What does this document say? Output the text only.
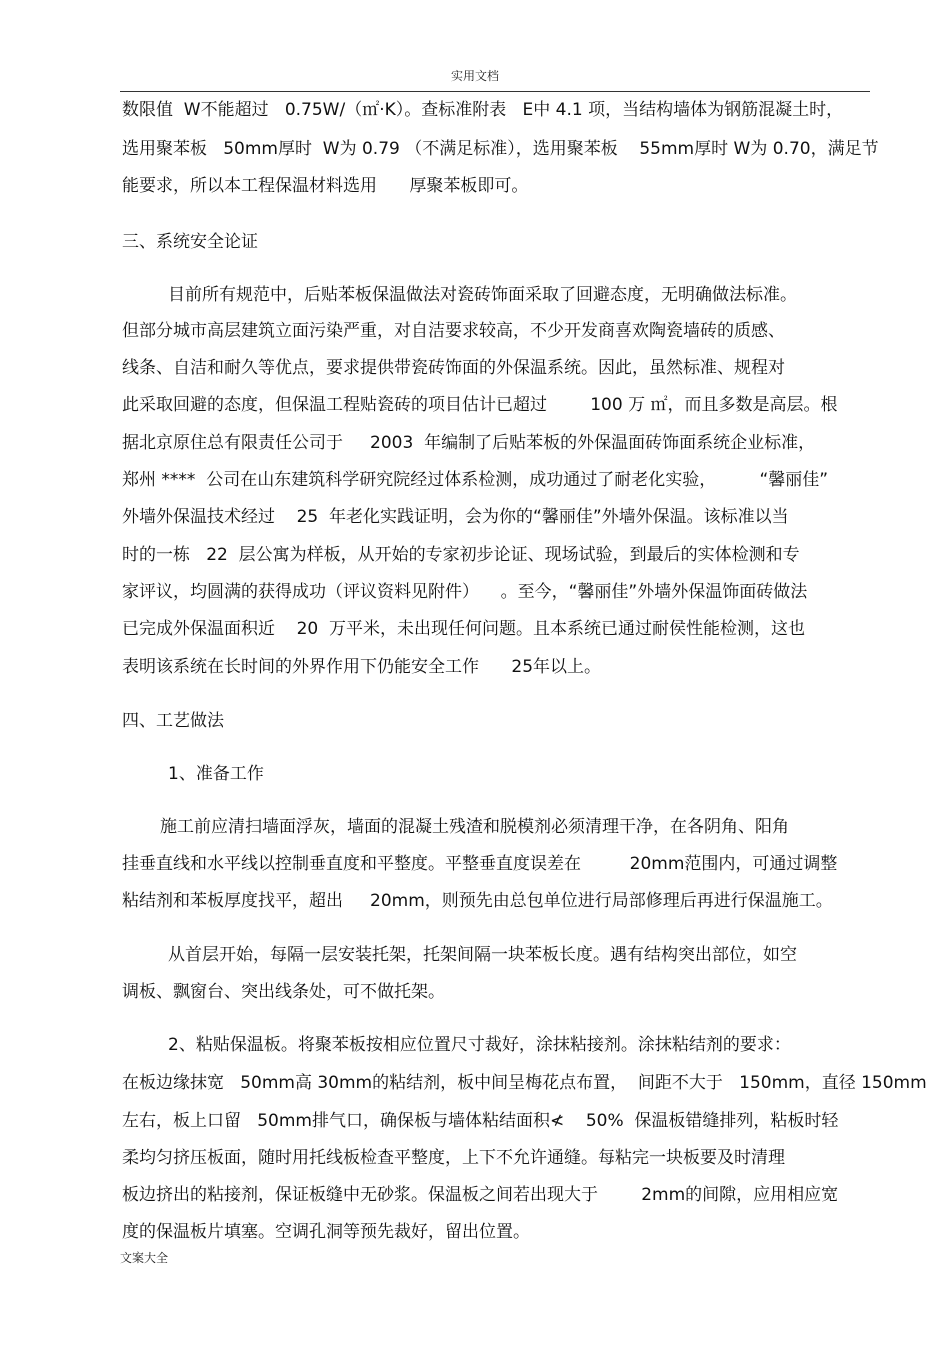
实用文档
数限值  W不能超过   0.75W/（㎡·K）。查标准附表   E中 4.1 项，当结构墙体为钢筋混凝土时，
选用聚苯板   50mm厚时  W为 0.79 （不满足标准），选用聚苯板    55mm厚时 W为 0.70，满足节
能要求，所以本工程保温材料选用      厚聚苯板即可。
三、系统安全论证
目前所有规范中，后贴苯板保温做法对瓷砖饰面采取了回避态度，无明确做法标准。
但部分城市高层建筑立面污染严重，对自洁要求较高，不少开发商喜欢陶瓷墙砖的质感、
线条、自洁和耐久等优点，要求提供带瓷砖饰面的外保温系统。因此，虽然标准、规程对
此采取回避的态度，但保温工程贴瓷砖的项目估计已超过        100 万 ㎡，而且多数是高层。根
据北京原住总有限责任公司于     2003  年编制了后贴苯板的外保温面砖饰面系统企业标准，
郑州 ****  公司在山东建筑科学研究院经过体系检测，成功通过了耐老化实验，        “馨丽佳”
外墙外保温技术经过    25  年老化实践证明，会为你的“馨丽佳”外墙外保温。该标准以当
时的一栋   22  层公寓为样板，从开始的专家初步论证、现场试验，到最后的实体检测和专
家评议，均圆满的获得成功（评议资料见附件）    。至今，“馨丽佳”外墙外保温饰面砖做法
已完成外保温面积近    20  万平米，未出现任何问题。且本系统已通过耐侯性能检测，这也
表明该系统在长时间的外界作用下仍能安全工作      25年以上。
四、工艺做法
1、准备工作
施工前应清扫墙面浮灰，墙面的混凝土残渣和脱模剂必须清理干净，在各阴角、阳角
挂垂直线和水平线以控制垂直度和平整度。平整垂直度误差在         20mm范围内，可通过调整
粘结剂和苯板厚度找平，超出     20mm，则预先由总包单位进行局部修理后再进行保温施工。
从首层开始，每隔一层安装托架，托架间隔一块苯板长度。遇有结构突出部位，如空
调板、飘窗台、突出线条处，可不做托架。
2、粘贴保温板。将聚苯板按相应位置尺寸裁好，涂抹粘接剂。涂抹粘结剂的要求：
在板边缘抹宽   50mm高 30mm的粘结剂，板中间呈梅花点布置，  间距不大于   150mm，直径 150mm
左右，板上口留   50mm排气口，确保板与墙体粘结面积≮    50%  保温板错缝排列，粘板时轻
柔均匀挤压板面，随时用托线板检查平整度，上下不允许通缝。每粘完一块板要及时清理
板边挤出的粘接剂，保证板缝中无砂浆。保温板之间若出现大于        2mm的间隙，应用相应宽
度的保温板片填塞。空调孔洞等预先裁好，留出位置。
文案大全
